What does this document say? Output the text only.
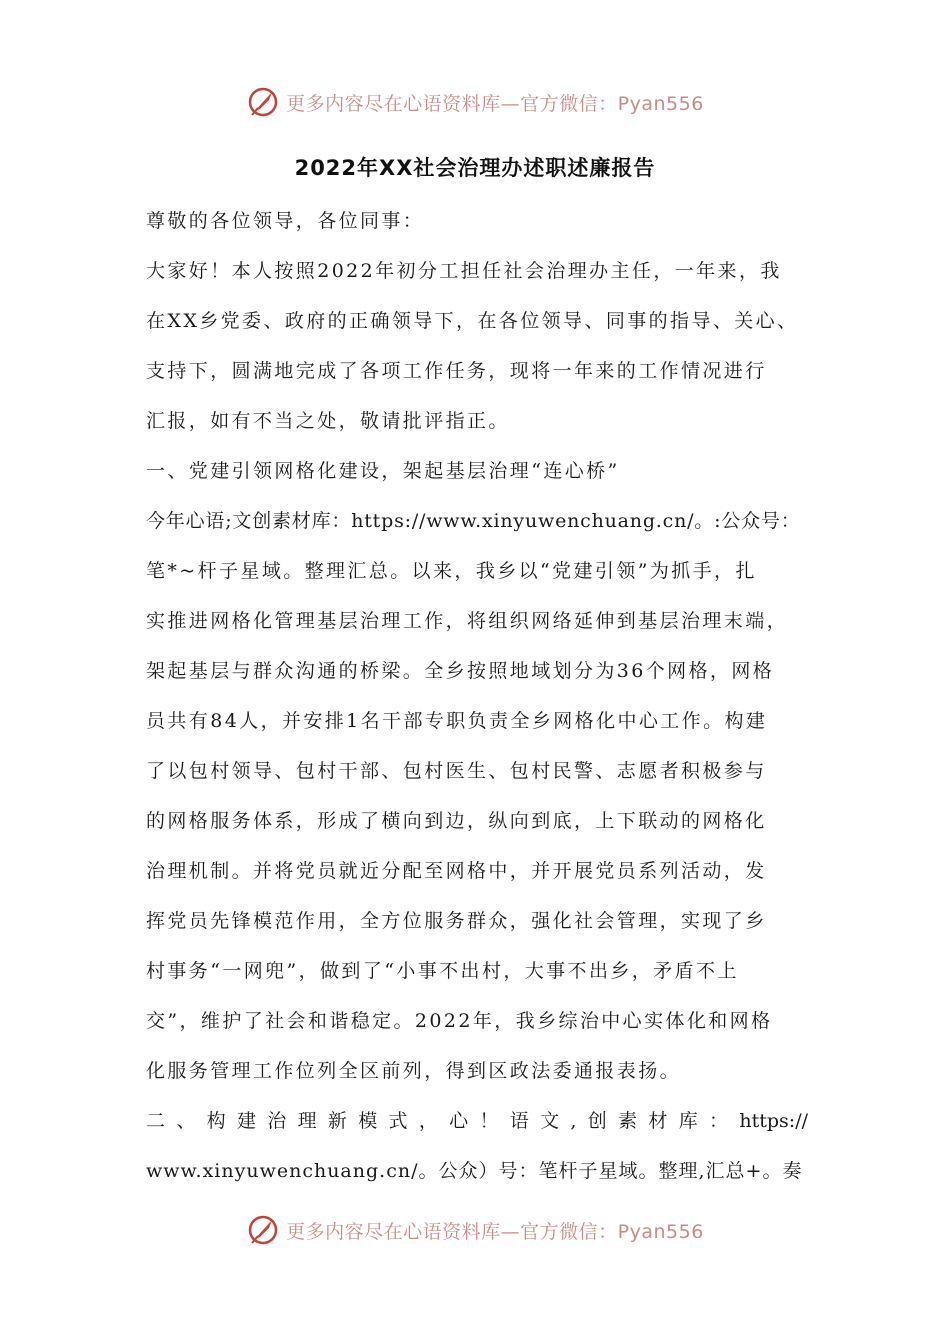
更多内容尽在心语资料库—官方微信：Pyan556
2022年XX社会治理办述职述廉报告
尊敬的各位领导，各位同事：
大家好！本人按照2022年初分工担任社会治理办主任，一年来，我
在XX乡党委、政府的正确领导下，在各位领导、同事的指导、关心、
支持下，圆满地完成了各项工作任务，现将一年来的工作情况进行
汇报，如有不当之处，敬请批评指正。
一、党建引领网格化建设，架起基层治理“连心桥”
今年心语;文创素材库：https://www.xinyuwenchuang.cn/。:公众号：
笔*~杆子星域。整理汇总。以来，我乡以“党建引领”为抓手，扎
实推进网格化管理基层治理工作，将组织网络延伸到基层治理末端，
架起基层与群众沟通的桥梁。全乡按照地域划分为36个网格，网格
员共有84人，并安排1名干部专职负责全乡网格化中心工作。构建
了以包村领导、包村干部、包村医生、包村民警、志愿者积极参与
的网格服务体系，形成了横向到边，纵向到底，上下联动的网格化
治理机制。并将党员就近分配至网格中，并开展党员系列活动，发
挥党员先锋模范作用，全方位服务群众，强化社会管理，实现了乡
村事务“一网兜”，做到了“小事不出村，大事不出乡，矛盾不上
交”，维护了社会和谐稳定。2022年，我乡综治中心实体化和网格
化服务管理工作位列全区前列，得到区政法委通报表扬。
二、构建治理新模式，心！语文,创素材库：https://
www.xinyuwenchuang.cn/。公众）号：笔杆子星域。整理,汇总+。奏
更多内容尽在心语资料库—官方微信：Pyan556
